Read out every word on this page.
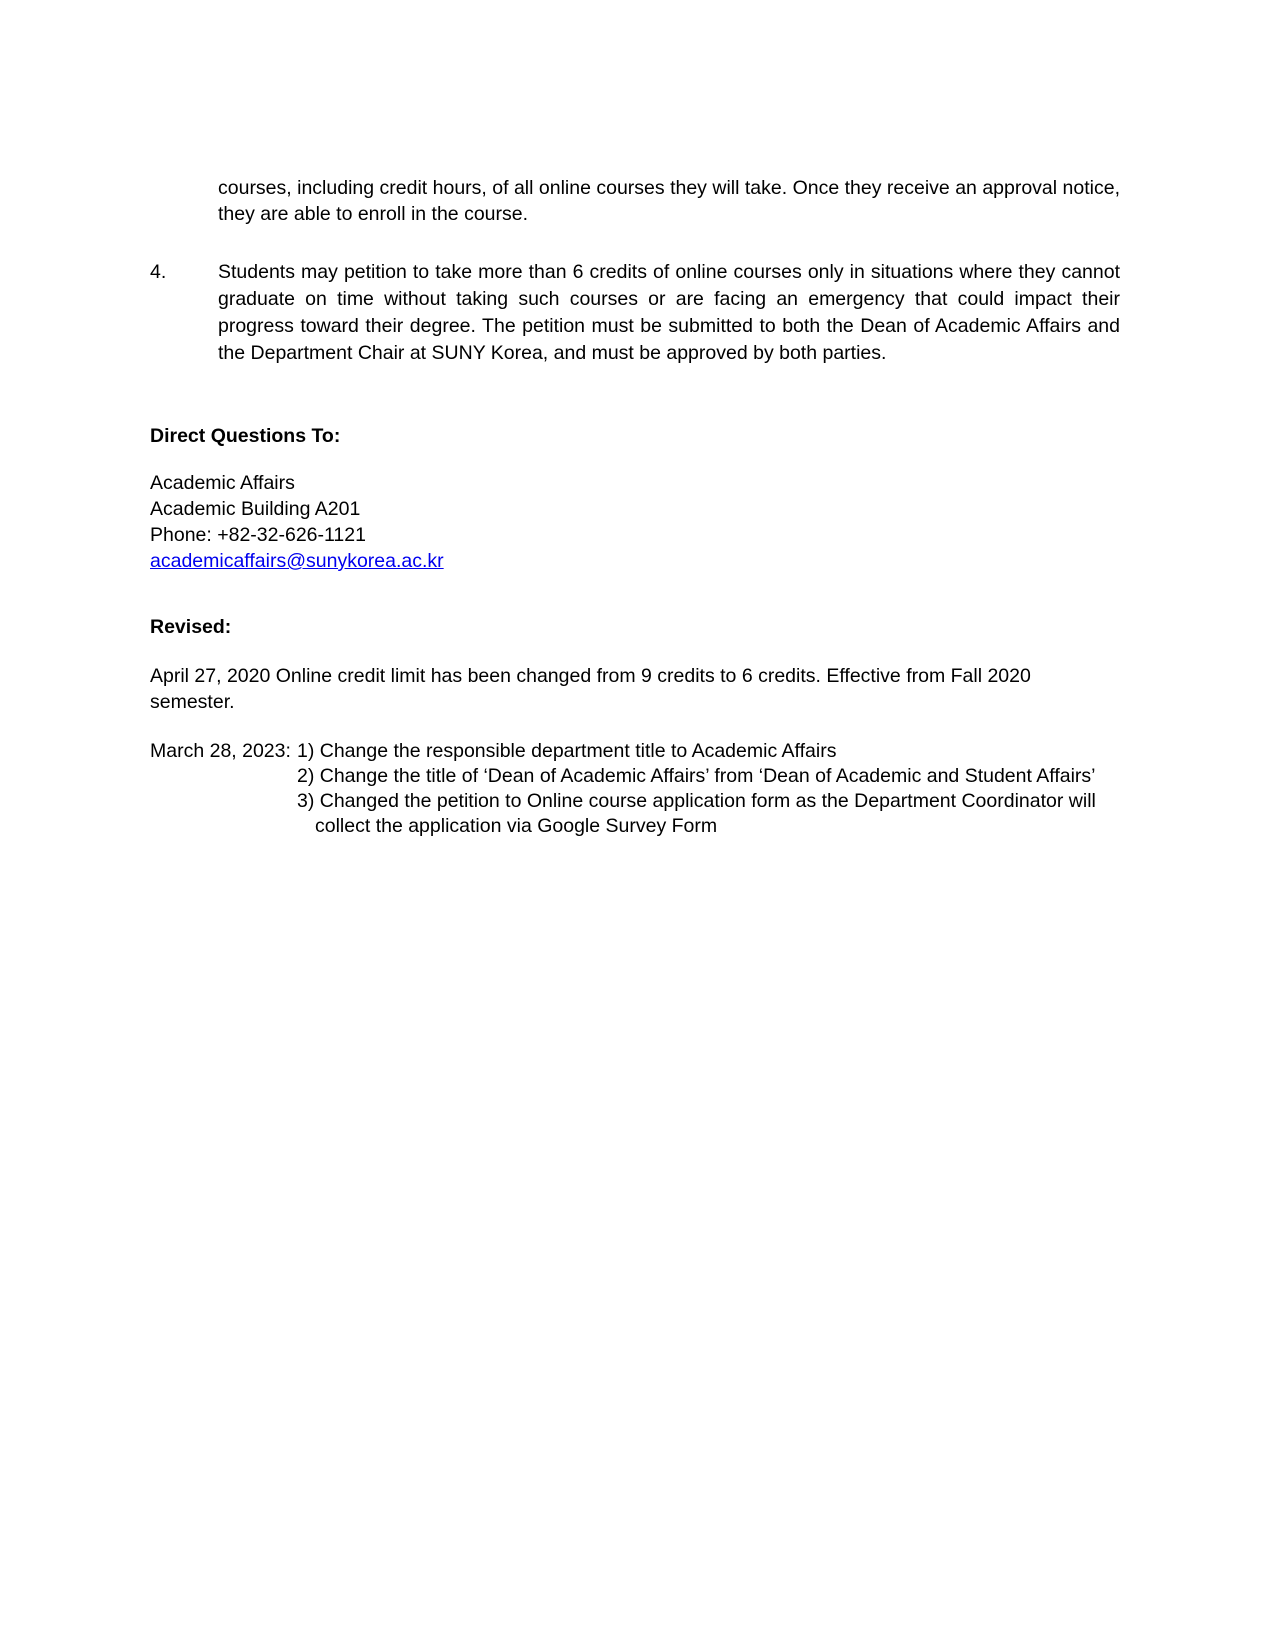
courses, including credit hours, of all online courses they will take. Once they receive an approval notice, they are able to enroll in the course.
4.	Students may petition to take more than 6 credits of online courses only in situations where they cannot graduate on time without taking such courses or are facing an emergency that could impact their progress toward their degree. The petition must be submitted to both the Dean of Academic Affairs and the Department Chair at SUNY Korea, and must be approved by both parties.
Direct Questions To:
Academic Affairs
Academic Building A201
Phone: +82-32-626-1121
academicaffairs@sunykorea.ac.kr
Revised:
April 27, 2020 Online credit limit has been changed from 9 credits to 6 credits. Effective from Fall 2020
semester.
March 28, 2023: 1) Change the responsible department title to Academic Affairs
2) Change the title of ‘Dean of Academic Affairs’ from ‘Dean of Academic and Student Affairs’
3) Changed the petition to Online course application form as the Department Coordinator will
collect the application via Google Survey Form
